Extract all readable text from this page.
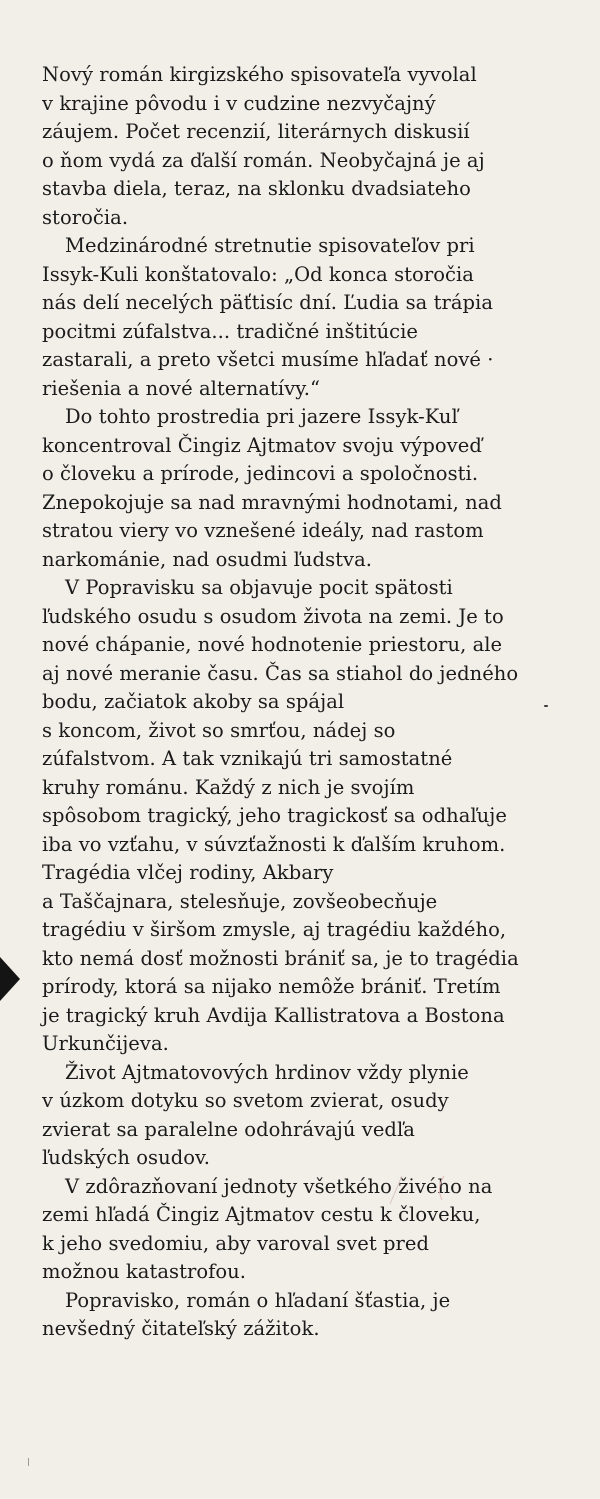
Nový román kirgizského spisovateľa vyvolal
v krajine pôvodu i v cudzine nezvyčajný
záujem. Počet recenzií, literárnych diskusií
o ňom vydá za ďalší román. Neobyčajná je aj
stavba diela, teraz, na sklonku dvadsiateho
storočia.
Medzinárodné stretnutie spisovateľov pri
Issyk-Kuli konštatovalo: „Od konca storočia
nás delí necelých päťtisíc dní. Ľudia sa trápia
pocitmi zúfalstva... tradičné inštitúcie
zastarali, a preto všetci musíme hľadať nové ·
riešenia a nové alternatívy.“
Do tohto prostredia pri jazere Issyk-Kuľ
koncentroval Čingiz Ajtmatov svoju výpoveď
o človeku a prírode, jedincovi a spoločnosti.
Znepokojuje sa nad mravnými hodnotami, nad
stratou viery vo vznešené ideály, nad rastom
narkománie, nad osudmi ľudstva.
V Popravisku sa objavuje pocit spätosti
ľudského osudu s osudom života na zemi. Je to
nové chápanie, nové hodnotenie priestoru, ale
aj nové meranie času. Čas sa stiahol do jedného
bodu, začiatok akoby sa spájal
s koncom, život so smrťou, nádej so
zúfalstvom. A tak vznikajú tri samostatné
kruhy románu. Každý z nich je svojím
spôsobom tragický, jeho tragickosť sa odhaľuje
iba vo vzťahu, v súvzťažnosti k ďalším kruhom.
Tragédia vlčej rodiny, Akbary
a Taščajnara, stelesňuje, zovšeobecňuje
tragédiu v širšom zmysle, aj tragédiu každého,
kto nemá dosť možnosti brániť sa, je to tragédia
prírody, ktorá sa nijako nemôže brániť. Tretím
je tragický kruh Avdija Kallistratova a Bostona
Urkunčijeva.
Život Ajtmatovových hrdinov vždy plynie
v úzkom dotyku so svetom zvierat, osudy
zvierat sa paralelne odohrávajú vedľa
ľudských osudov.
V zdôrazňovaní jednoty všetkého živého na
zemi hľadá Čingiz Ajtmatov cestu k človeku,
k jeho svedomiu, aby varoval svet pred
možnou katastrofou.
Popravisko, román o hľadaní šťastia, je
nevšedný čitateľský zážitok.
